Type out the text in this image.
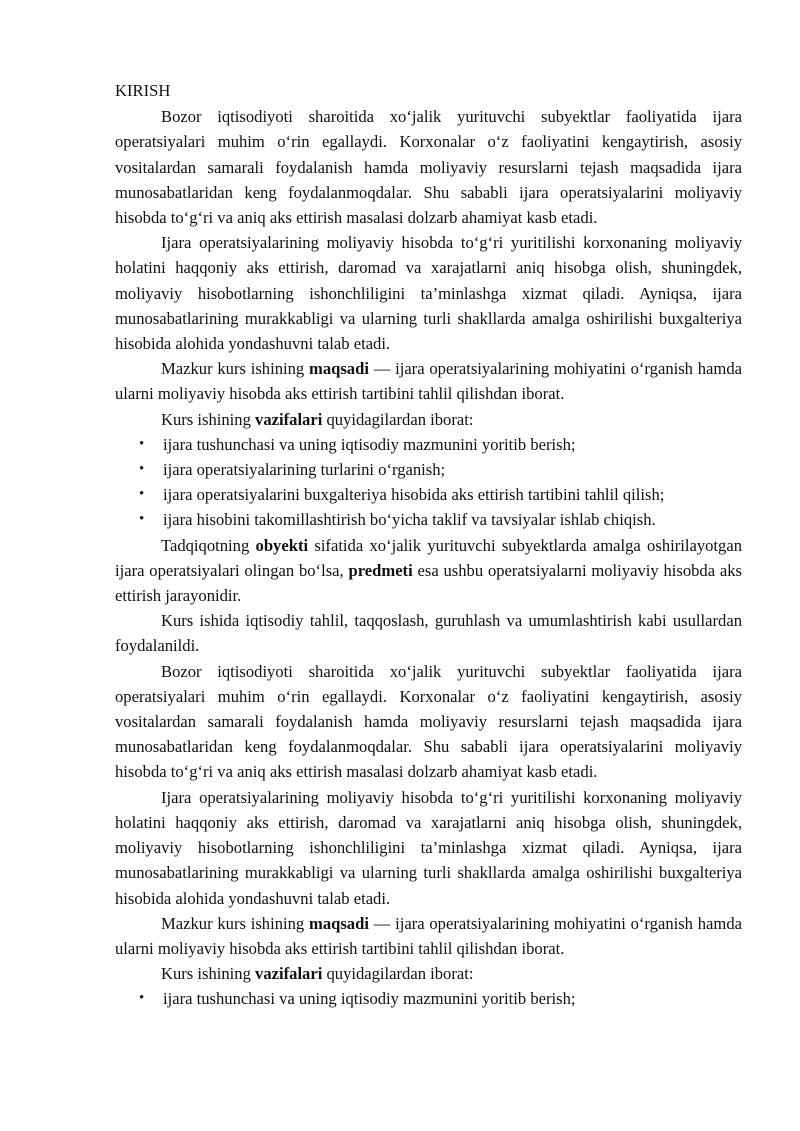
KIRISH

Bozor iqtisodiyoti sharoitida xo‘jalik yurituvchi subyektlar faoliyatida ijara operatsiyalari muhim o‘rin egallaydi. Korxonalar o‘z faoliyatini kengaytirish, asosiy vositalardan samarali foydalanish hamda moliyaviy resurslarni tejash maqsadida ijara munosabatlaridan keng foydalanmoqdalar. Shu sababli ijara operatsiyalarini moliyaviy hisobda to‘g‘ri va aniq aks ettirish masalasi dolzarb ahamiyat kasb etadi.

Ijara operatsiyalarining moliyaviy hisobda to‘g‘ri yuritilishi korxonaning moliyaviy holatini haqqoniy aks ettirish, daromad va xarajatlarni aniq hisobga olish, shuningdek, moliyaviy hisobotlarning ishonchliligini ta’minlashga xizmat qiladi. Ayniqsa, ijara munosabatlarining murakkabligi va ularning turli shakllarda amalga oshirilishi buxgalteriya hisobida alohida yondashuvni talab etadi.

Mazkur kurs ishining maqsadi — ijara operatsiyalarining mohiyatini o‘rganish hamda ularni moliyaviy hisobda aks ettirish tartibini tahlil qilishdan iborat.

Kurs ishining vazifalari quyidagilardan iborat:

• ijara tushunchasi va uning iqtisodiy mazmunini yoritib berish;
• ijara operatsiyalarining turlarini o‘rganish;
• ijara operatsiyalarini buxgalteriya hisobida aks ettirish tartibini tahlil qilish;
• ijara hisobini takomillashtirish bo‘yicha taklif va tavsiyalar ishlab chiqish.

Tadqiqotning obyekti sifatida xo‘jalik yurituvchi subyektlarda amalga oshirilayotgan ijara operatsiyalari olingan bo‘lsa, predmeti esa ushbu operatsiyalarni moliyaviy hisobda aks ettirish jarayonidir.

Kurs ishida iqtisodiy tahlil, taqqoslash, guruhlash va umumlashtirish kabi usullardan foydalanildi.

Bozor iqtisodiyoti sharoitida xo‘jalik yurituvchi subyektlar faoliyatida ijara operatsiyalari muhim o‘rin egallaydi. Korxonalar o‘z faoliyatini kengaytirish, asosiy vositalardan samarali foydalanish hamda moliyaviy resurslarni tejash maqsadida ijara munosabatlaridan keng foydalanmoqdalar. Shu sababli ijara operatsiyalarini moliyaviy hisobda to‘g‘ri va aniq aks ettirish masalasi dolzarb ahamiyat kasb etadi.

Ijara operatsiyalarining moliyaviy hisobda to‘g‘ri yuritilishi korxonaning moliyaviy holatini haqqoniy aks ettirish, daromad va xarajatlarni aniq hisobga olish, shuningdek, moliyaviy hisobotlarning ishonchliligini ta’minlashga xizmat qiladi. Ayniqsa, ijara munosabatlarining murakkabligi va ularning turli shakllarda amalga oshirilishi buxgalteriya hisobida alohida yondashuvni talab etadi.

Mazkur kurs ishining maqsadi — ijara operatsiyalarining mohiyatini o‘rganish hamda ularni moliyaviy hisobda aks ettirish tartibini tahlil qilishdan iborat.

Kurs ishining vazifalari quyidagilardan iborat:

• ijara tushunchasi va uning iqtisodiy mazmunini yoritib berish;
